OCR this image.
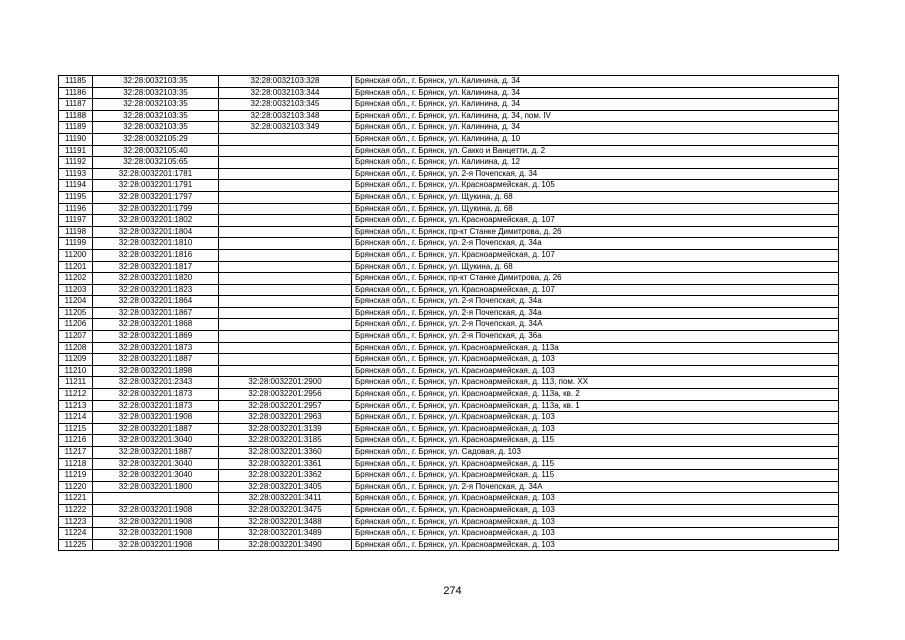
11185	32:28:0032103:35	32:28:0032103:328	Брянская обл., г. Брянск, ул. Калинина, д. 34
11186	32:28:0032103:35	32:28:0032103:344	Брянская обл., г. Брянск, ул. Калинина, д. 34
11187	32:28:0032103:35	32:28:0032103:345	Брянская обл., г. Брянск, ул. Калинина, д. 34
11188	32:28:0032103:35	32:28:0032103:348	Брянская обл., г. Брянск, ул. Калинина, д. 34, пом. IV
11189	32:28:0032103:35	32:28:0032103:349	Брянская обл., г. Брянск, ул. Калинина, д. 34
11190	32:28:0032105:29		Брянская обл., г. Брянск, ул. Калинина, д. 10
11191	32:28:0032105:40		Брянская обл., г. Брянск, ул. Сакко и Ванцетти, д. 2
11192	32:28:0032105:65		Брянская обл., г. Брянск, ул. Калинина, д. 12
11193	32:28:0032201:1781		Брянская обл., г. Брянск, ул. 2-я Почепская, д. 34
11194	32:28:0032201:1791		Брянская обл., г. Брянск, ул. Красноармейская, д. 105
11195	32:28:0032201:1797		Брянская обл., г. Брянск, ул. Щукина, д. 68
11196	32:28:0032201:1799		Брянская обл., г. Брянск, ул. Щукина, д. 68
11197	32:28:0032201:1802		Брянская обл., г. Брянск, ул. Красноармейская, д. 107
11198	32:28:0032201:1804		Брянская обл., г. Брянск, пр-кт Станке Димитрова, д. 26
11199	32:28:0032201:1810		Брянская обл., г. Брянск, ул. 2-я Почепская, д. 34а
11200	32:28:0032201:1816		Брянская обл., г. Брянск, ул. Красноармейская, д. 107
11201	32:28:0032201:1817		Брянская обл., г. Брянск, ул. Щукина, д. 68
11202	32:28:0032201:1820		Брянская обл., г. Брянск, пр-кт Станке Димитрова, д. 26
11203	32:28:0032201:1823		Брянская обл., г. Брянск, ул. Красноармейская, д. 107
11204	32:28:0032201:1864		Брянская обл., г. Брянск, ул. 2-я Почепская, д. 34а
11205	32:28:0032201:1867		Брянская обл., г. Брянск, ул. 2-я Почепская, д. 34а
11206	32:28:0032201:1868		Брянская обл., г. Брянск, ул. 2-я Почепская, д. 34А
11207	32:28:0032201:1869		Брянская обл., г. Брянск, ул. 2-я Почепская, д. 36а
11208	32:28:0032201:1873		Брянская обл., г. Брянск, ул. Красноармейская, д. 113а
11209	32:28:0032201:1887		Брянская обл., г. Брянск, ул. Красноармейская, д. 103
11210	32:28:0032201:1898		Брянская обл., г. Брянск, ул. Красноармейская, д. 103
11211	32:28:0032201:2343	32:28:0032201:2900	Брянская обл., г. Брянск, ул. Красноармейская, д. 113, пом. XX
11212	32:28:0032201:1873	32:28:0032201:2956	Брянская обл., г. Брянск, ул. Красноармейская, д. 113а, кв. 2
11213	32:28:0032201:1873	32:28:0032201:2957	Брянская обл., г. Брянск, ул. Красноармейская, д. 113а, кв. 1
11214	32:28:0032201:1908	32:28:0032201:2963	Брянская обл., г. Брянск, ул. Красноармейская, д. 103
11215	32:28:0032201:1887	32:28:0032201:3139	Брянская обл., г. Брянск, ул. Красноармейская, д. 103
11216	32:28:0032201:3040	32:28:0032201:3185	Брянская обл., г. Брянск, ул. Красноармейская, д. 115
11217	32:28:0032201:1887	32:28:0032201:3360	Брянская обл., г. Брянск, ул. Садовая, д. 103
11218	32:28:0032201:3040	32:28:0032201:3361	Брянская обл., г. Брянск, ул. Красноармейская, д. 115
11219	32:28:0032201:3040	32:28:0032201:3362	Брянская обл., г. Брянск, ул. Красноармейская, д. 115
11220	32:28:0032201:1800	32:28:0032201:3405	Брянская обл., г. Брянск, ул. 2-я Почепская, д. 34А
11221		32:28:0032201:3411	Брянская обл., г. Брянск, ул. Красноармейская, д. 103
11222	32:28:0032201:1908	32:28:0032201:3475	Брянская обл., г. Брянск, ул. Красноармейская, д. 103
11223	32:28:0032201:1908	32:28:0032201:3488	Брянская обл., г. Брянск, ул. Красноармейская, д. 103
11224	32:28:0032201:1908	32:28:0032201:3489	Брянская обл., г. Брянск, ул. Красноармейская, д. 103
11225	32:28:0032201:1908	32:28:0032201:3490	Брянская обл., г. Брянск, ул. Красноармейская, д. 103
274
